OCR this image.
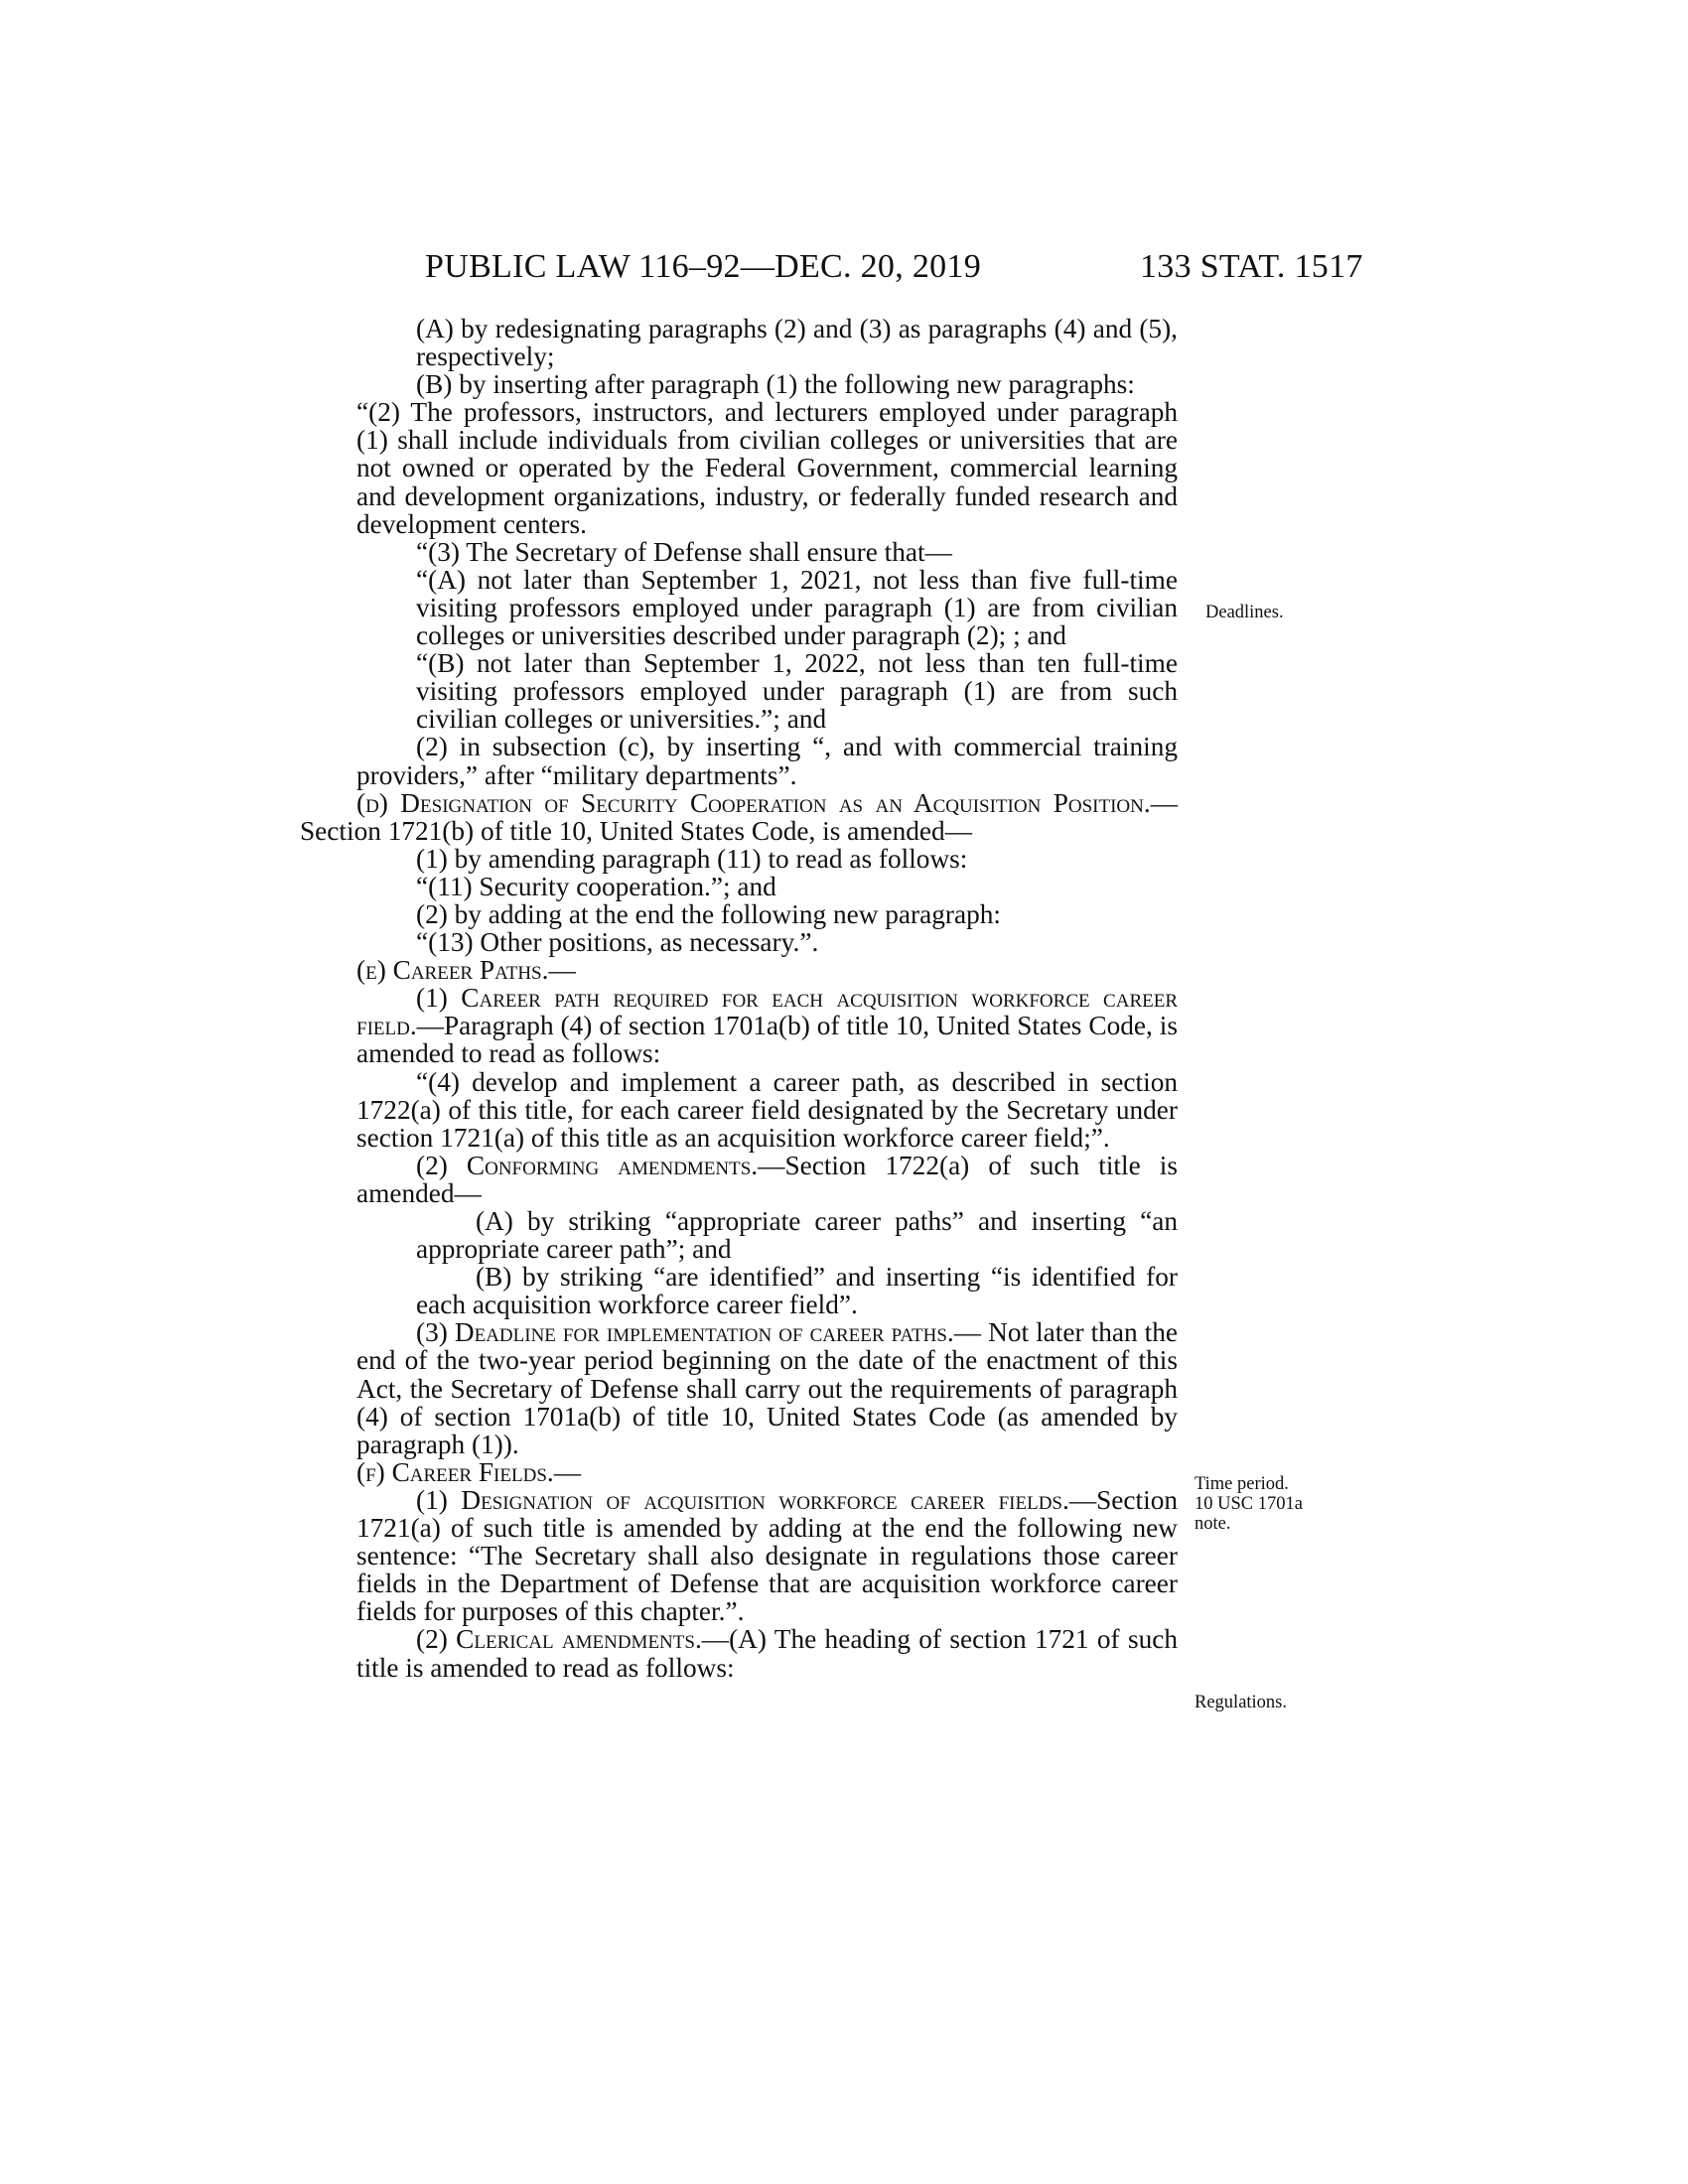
PUBLIC LAW 116–92—DEC. 20, 2019	133 STAT. 1517

(A) by redesignating paragraphs (2) and (3) as paragraphs (4) and (5), respectively;

(B) by inserting after paragraph (1) the following new paragraphs:

“(2) The professors, instructors, and lecturers employed under paragraph (1) shall include individuals from civilian colleges or universities that are not owned or operated by the Federal Government, commercial learning and development organizations, industry, or federally funded research and development centers.

“(3) The Secretary of Defense shall ensure that—

“(A) not later than September 1, 2021, not less than five full-time visiting professors employed under paragraph (1) are from civilian colleges or universities described under paragraph (2); ; and

“(B) not later than September 1, 2022, not less than ten full-time visiting professors employed under paragraph (1) are from such civilian colleges or universities.”; and

(2) in subsection (c), by inserting “, and with commercial training providers,” after “military departments”.

(d) Designation of Security Cooperation as an Acquisition Position.—Section 1721(b) of title 10, United States Code, is amended—

(1) by amending paragraph (11) to read as follows:

“(11) Security cooperation.”; and

(2) by adding at the end the following new paragraph:

“(13) Other positions, as necessary.”.

(e) Career Paths.—

(1) Career path required for each acquisition workforce career field.—Paragraph (4) of section 1701a(b) of title 10, United States Code, is amended to read as follows:

“(4) develop and implement a career path, as described in section 1722(a) of this title, for each career field designated by the Secretary under section 1721(a) of this title as an acquisition workforce career field;”.

(2) Conforming amendments.—Section 1722(a) of such title is amended—

(A) by striking “appropriate career paths” and inserting “an appropriate career path”; and

(B) by striking “are identified” and inserting “is identified for each acquisition workforce career field”.

(3) Deadline for implementation of career paths.— Not later than the end of the two-year period beginning on the date of the enactment of this Act, the Secretary of Defense shall carry out the requirements of paragraph (4) of section 1701a(b) of title 10, United States Code (as amended by paragraph (1)).

(f) Career Fields.—

(1) Designation of acquisition workforce career fields.—Section 1721(a) of such title is amended by adding at the end the following new sentence: “The Secretary shall also designate in regulations those career fields in the Department of Defense that are acquisition workforce career fields for purposes of this chapter.”.

(2) Clerical amendments.—(A) The heading of section 1721 of such title is amended to read as follows:

Deadlines.
Time period.
10 USC 1701a
note.
Regulations.
